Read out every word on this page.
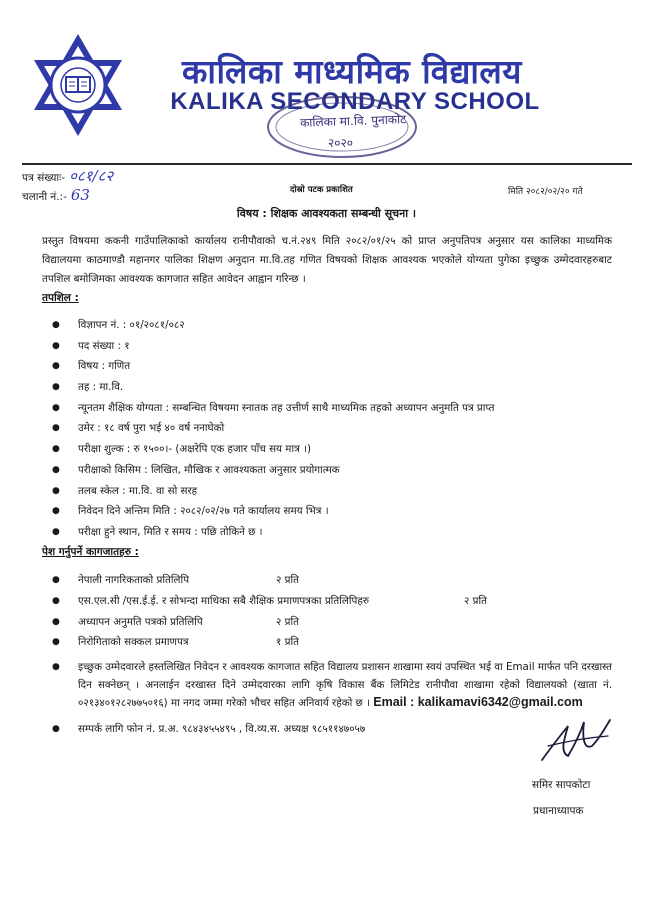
कालिका माध्यमिक विद्यालय
KALIKA SECONDARY SCHOOL
कालिका मा.वि. पुनाकोट
२०२०
पत्र संख्याः- ०८१/८२
चलानी नं.:- 63	दोस्रो पटक प्रकाशित	मिति २०८२/०२/२० गते
विषय : शिक्षक आवश्यकता सम्बन्धी सूचना ।

प्रस्तुत विषयमा ककनी गाउँपालिकाको कार्यालय रानीपौवाको च.नं.२४९ मिति २०८२/०१/२५ को प्राप्त अनुपतिपत्र अनुसार यस कालिका माध्यमिक विद्यालयमा काठमाण्डौ महानगर पालिका शिक्षण अनुदान मा.वि.तह गणित विषयको शिक्षक आवश्यक भएकोले योग्यता पुगेका इच्छुक उम्मेदवारहरुबाट तपशिल बमोजिमका आवश्यक कागजात सहित आवेदन आह्वान गरिन्छ ।

तपशिल :
● विज्ञापन नं. : ०१/२०८१/०८२
● पद संख्या : १
● विषय : गणित
● तह : मा.वि.
● न्यूनतम शैक्षिक योग्यता : सम्बन्धित विषयमा स्नातक तह उत्तीर्ण साथै माध्यमिक तहको अध्यापन अनुमति पत्र प्राप्त
● उमेर : १८ वर्ष पुरा भई ४० वर्ष ननाघेको
● परीक्षा शुल्क : रु १५००।- (अक्षरेपि एक हजार पाँच सय मात्र ।)
● परीक्षाको किसिम : लिखित, मौखिक र आवश्यकता अनुसार प्रयोगात्मक
● तलब स्केल : मा.वि. वा सो सरह
● निवेदन दिने अन्तिम मिति : २०८२/०२/२७ गते कार्यालय समय भित्र ।
● परीक्षा हुने स्थान, मिति र समय : पछि तोकिने छ ।
पेश गर्नुपर्ने कागजातहरु :
● नेपाली नागरिकताको प्रतिलिपि	२ प्रति
● एस.एल.सी /एस.ई.ई. र सोभन्दा माथिका सबै शैक्षिक प्रमाणपत्रका प्रतिलिपिहरु	२ प्रति
● अध्यापन अनुमति पत्रको प्रतिलिपि	२ प्रति
● निरोगिताको सक्कल प्रमाणपत्र	१ प्रति
● इच्छुक उम्मेदवारले हस्तलिखित निवेदन र आवश्यक कागजात सहित विद्यालय प्रशासन शाखामा स्वयं उपस्थित भई वा Email मार्फत पनि दरखास्त दिन सक्नेछन् । अनलाईन दरखास्त दिने उम्मेदवारका लागि कृषि विकास बैंक लिमिटेड रानीपौवा शाखामा रहेको विद्यालयको (खाता नं. ०२१३४०१२८२७७५०१६) मा नगद जम्मा गरेको भौचर सहित अनिवार्य रहेको छ । Email : kalikamavi6342@gmail.com
● सम्पर्क लागि फोन नं. प्र.अ. ९८४३४५५४९५ , वि.व्य.स. अध्यक्ष ९८५११४७०५७
समिर सापकोटा
प्रधानाध्यापक
